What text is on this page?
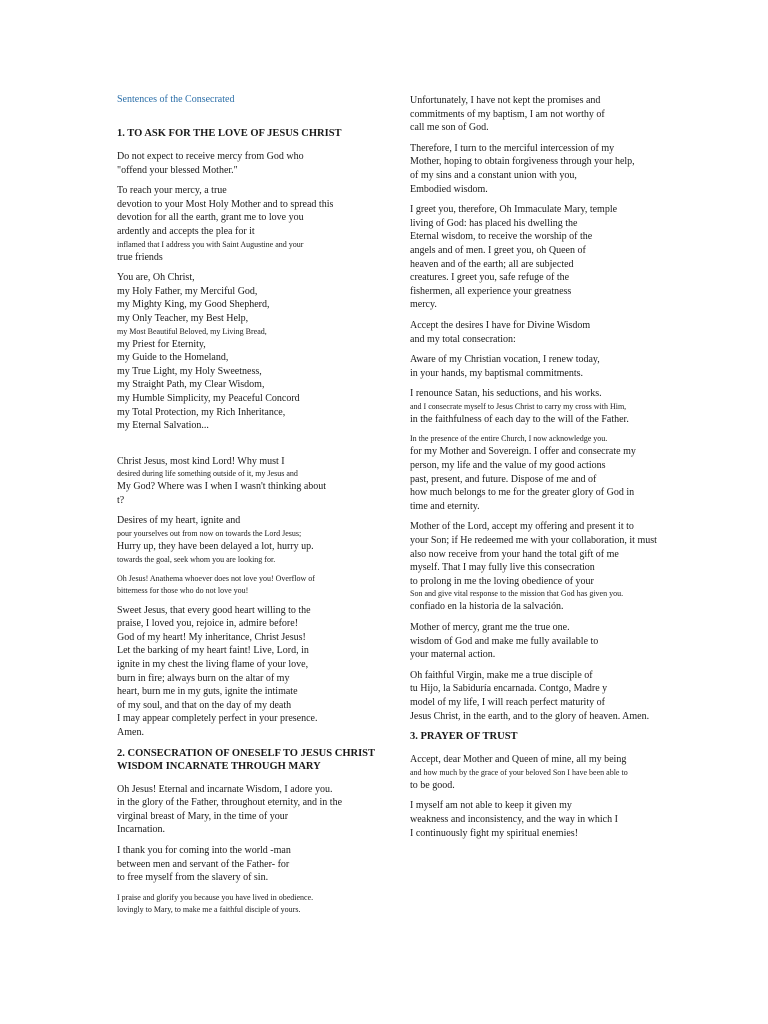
Sentences of the Consecrated
1. TO ASK FOR THE LOVE OF JESUS CHRIST
Do not expect to receive mercy from God who
"offend your blessed Mother."
To reach your mercy, a true
devotion to your Most Holy Mother and to spread this
devotion for all the earth, grant me to love you
ardently and accepts the plea for it
inflamed that I address you with Saint Augustine and your
true friends
You are, Oh Christ,
my Holy Father, my Merciful God,
my Mighty King, my Good Shepherd,
my Only Teacher, my Best Help,
my Most Beautiful Beloved, my Living Bread,
my Priest for Eternity,
my Guide to the Homeland,
my True Light, my Holy Sweetness,
my Straight Path, my Clear Wisdom,
my Humble Simplicity, my Peaceful Concord
my Total Protection, my Rich Inheritance,
my Eternal Salvation...
Christ Jesus, most kind Lord! Why must I
desired during life something outside of it, my Jesus and
My God? Where was I when I wasn't thinking about
t?
Desires of my heart, ignite and
pour yourselves out from now on towards the Lord Jesus;
Hurry up, they have been delayed a lot, hurry up.
towards the goal, seek whom you are looking for.
Oh Jesus! Anathema whoever does not love you! Overflow of
bitterness for those who do not love you!
Sweet Jesus, that every good heart willing to the
praise, I loved you, rejoice in, admire before!
God of my heart! My inheritance, Christ Jesus!
Let the barking of my heart faint! Live, Lord, in
ignite in my chest the living flame of your love,
burn in fire; always burn on the altar of my
heart, burn me in my guts, ignite the intimate
of my soul, and that on the day of my death
I may appear completely perfect in your presence.
Amen.
2. CONSECRATION OF ONESELF TO JESUS CHRIST
WISDOM INCARNATE THROUGH MARY
Oh Jesus! Eternal and incarnate Wisdom, I adore you.
in the glory of the Father, throughout eternity, and in the
virginal breast of Mary, in the time of your
Incarnation.
I thank you for coming into the world -man
between men and servant of the Father- for
to free myself from the slavery of sin.
I praise and glorify you because you have lived in obedience.
lovingly to Mary, to make me a faithful disciple of yours.
Unfortunately, I have not kept the promises and
commitments of my baptism, I am not worthy of
call me son of God.
Therefore, I turn to the merciful intercession of my
Mother, hoping to obtain forgiveness through your help,
of my sins and a constant union with you,
Embodied wisdom.
I greet you, therefore, Oh Immaculate Mary, temple
living of God: has placed his dwelling the
Eternal wisdom, to receive the worship of the
angels and of men. I greet you, oh Queen of
heaven and of the earth; all are subjected
creatures. I greet you, safe refuge of the
fishermen, all experience your greatness
mercy.
Accept the desires I have for Divine Wisdom
and my total consecration:
Aware of my Christian vocation, I renew today,
in your hands, my baptismal commitments.
I renounce Satan, his seductions, and his works.
and I consecrate myself to Jesus Christ to carry my cross with Him,
in the faithfulness of each day to the will of the Father.
In the presence of the entire Church, I now acknowledge you.
for my Mother and Sovereign. I offer and consecrate my
person, my life and the value of my good actions
past, present, and future. Dispose of me and of
how much belongs to me for the greater glory of God in
time and eternity.
Mother of the Lord, accept my offering and present it to
your Son; if He redeemed me with your collaboration, it must
also now receive from your hand the total gift of me
myself. That I may fully live this consecration
to prolong in me the loving obedience of your
Son and give vital response to the mission that God has given you.
confiado en la historia de la salvación.
Mother of mercy, grant me the true one.
wisdom of God and make me fully available to
your maternal action.
Oh faithful Virgin, make me a true disciple of
tu Hijo, la Sabiduría encarnada. Contgo, Madre y
model of my life, I will reach perfect maturity of
Jesus Christ, in the earth, and to the glory of heaven. Amen.
3. PRAYER OF TRUST
Accept, dear Mother and Queen of mine, all my being
and how much by the grace of your beloved Son I have been able to
to be good.
I myself am not able to keep it given my
weakness and inconsistency, and the way in which I
I continuously fight my spiritual enemies!
